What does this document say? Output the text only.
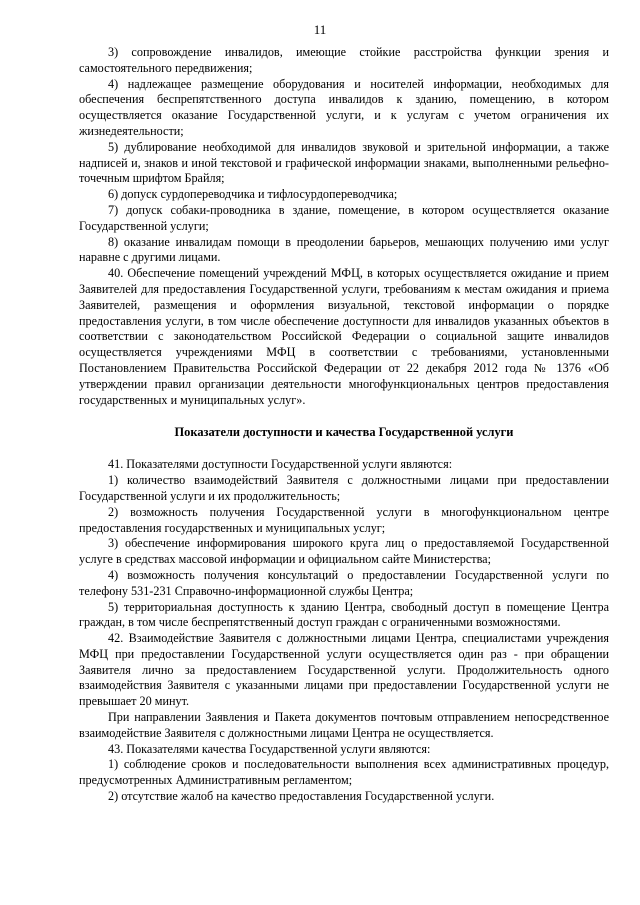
11

3) сопровождение инвалидов, имеющие стойкие расстройства функции зрения и самостоятельного передвижения;

4) надлежащее размещение оборудования и носителей информации, необходимых для обеспечения беспрепятственного доступа инвалидов к зданию, помещению, в котором осуществляется оказание Государственной услуги, и к услугам с учетом ограничения их жизнедеятельности;

5) дублирование необходимой для инвалидов звуковой и зрительной информации, а также надписей и, знаков и иной текстовой и графической информации знаками, выполненными рельефно-точечным шрифтом Брайля;

6) допуск сурдопереводчика и тифлосурдопереводчика;

7) допуск собаки-проводника в здание, помещение, в котором осуществляется оказание Государственной услуги;

8) оказание инвалидам помощи в преодолении барьеров, мешающих получению ими услуг наравне с другими лицами.

40. Обеспечение помещений учреждений МФЦ, в которых осуществляется ожидание и прием Заявителей для предоставления Государственной услуги, требованиям к местам ожидания и приема Заявителей, размещения и оформления визуальной, текстовой информации о порядке предоставления услуги, в том числе обеспечение доступности для инвалидов указанных объектов в соответствии с законодательством Российской Федерации о социальной защите инвалидов осуществляется учреждениями МФЦ в соответствии с требованиями, установленными Постановлением Правительства Российской Федерации от 22 декабря 2012 года № 1376 «Об утверждении правил организации деятельности многофункциональных центров предоставления государственных и муниципальных услуг».

Показатели доступности и качества Государственной услуги

41. Показателями доступности Государственной услуги являются:

1) количество взаимодействий Заявителя с должностными лицами при предоставлении Государственной услуги и их продолжительность;

2) возможность получения Государственной услуги в многофункциональном центре предоставления государственных и муниципальных услуг;

3) обеспечение информирования широкого круга лиц о предоставляемой Государственной услуге в средствах массовой информации и официальном сайте Министерства;

4) возможность получения консультаций о предоставлении Государственной услуги по телефону 531-231 Справочно-информационной службы Центра;

5) территориальная доступность к зданию Центра, свободный доступ в помещение Центра граждан, в том числе беспрепятственный доступ граждан с ограниченными возможностями.

42. Взаимодействие Заявителя с должностными лицами Центра, специалистами учреждения МФЦ при предоставлении Государственной услуги осуществляется один раз - при обращении Заявителя лично за предоставлением Государственной услуги. Продолжительность одного взаимодействия Заявителя с указанными лицами при предоставлении Государственной услуги не превышает 20 минут.

При направлении Заявления и Пакета документов почтовым отправлением непосредственное взаимодействие Заявителя с должностными лицами Центра не осуществляется.

43. Показателями качества Государственной услуги являются:

1) соблюдение сроков и последовательности выполнения всех административных процедур, предусмотренных Административным регламентом;

2) отсутствие жалоб на качество предоставления Государственной услуги.
